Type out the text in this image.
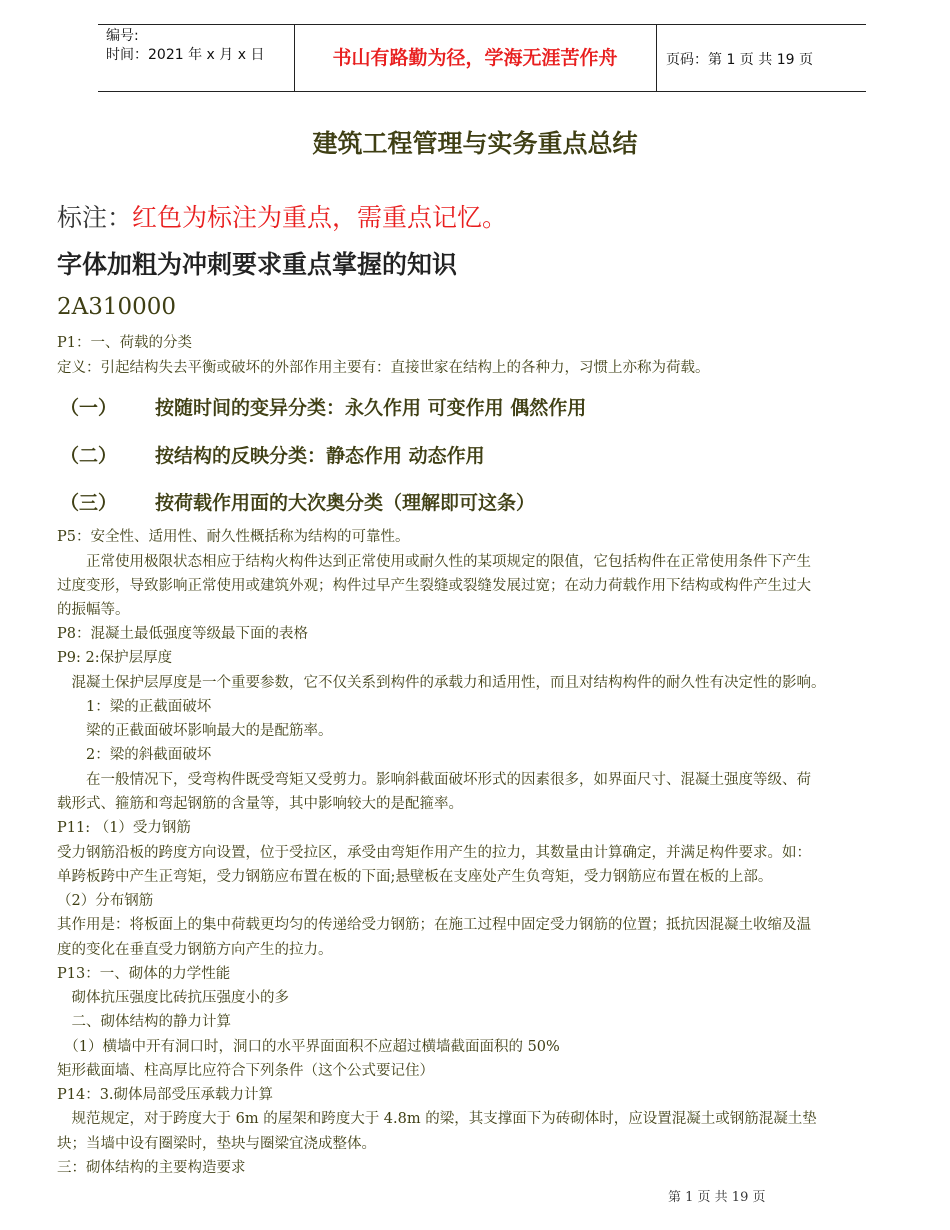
编号:
时间：2021 年 x 月 x 日	书山有路勤为径，学海无涯苦作舟	页码：第 1 页 共 19 页
建筑工程管理与实务重点总结
标注：红色为标注为重点，需重点记忆。
字体加粗为冲刺要求重点掌握的知识
2A310000
P1：一、荷载的分类
定义：引起结构失去平衡或破坏的外部作用主要有：直接世家在结构上的各种力，习惯上亦称为荷载。
（一） 按随时间的变异分类：永久作用 可变作用 偶然作用
（二） 按结构的反映分类：静态作用 动态作用
（三） 按荷载作用面的大次奥分类（理解即可这条）
P5：安全性、适用性、耐久性概括称为结构的可靠性。
　　正常使用极限状态相应于结构火构件达到正常使用或耐久性的某项规定的限值，它包括构件在正常使用条件下产生
过度变形，导致影响正常使用或建筑外观；构件过早产生裂缝或裂缝发展过宽；在动力荷载作用下结构或构件产生过大
的振幅等。
P8：混凝土最低强度等级最下面的表格
P9: 2:保护层厚度
　混凝土保护层厚度是一个重要参数，它不仅关系到构件的承载力和适用性，而且对结构构件的耐久性有决定性的影响。
　　1：梁的正截面破坏
　　梁的正截面破坏影响最大的是配筋率。
　　2：梁的斜截面破坏
　　在一般情况下，受弯构件既受弯矩又受剪力。影响斜截面破坏形式的因素很多，如界面尺寸、混凝土强度等级、荷
载形式、箍筋和弯起钢筋的含量等，其中影响较大的是配箍率。
P11: （1）受力钢筋
受力钢筋沿板的跨度方向设置，位于受拉区，承受由弯矩作用产生的拉力，其数量由计算确定，并满足构件要求。如：
单跨板跨中产生正弯矩，受力钢筋应布置在板的下面;悬壁板在支座处产生负弯矩，受力钢筋应布置在板的上部。
（2）分布钢筋
其作用是：将板面上的集中荷载更均匀的传递给受力钢筋；在施工过程中固定受力钢筋的位置；抵抗因混凝土收缩及温
度的变化在垂直受力钢筋方向产生的拉力。
P13：一、砌体的力学性能
　砌体抗压强度比砖抗压强度小的多
　二、砌体结构的静力计算
　（1）横墙中开有洞口时，洞口的水平界面面积不应超过横墙截面面积的 50%
矩形截面墙、柱高厚比应符合下列条件（这个公式要记住）
P14：3.砌体局部受压承载力计算
　规范规定，对于跨度大于 6m 的屋架和跨度大于 4.8m 的梁，其支撑面下为砖砌体时，应设置混凝土或钢筋混凝土垫
块；当墙中设有圈梁时，垫块与圈梁宜浇成整体。
三：砌体结构的主要构造要求
第 1 页 共 19 页
